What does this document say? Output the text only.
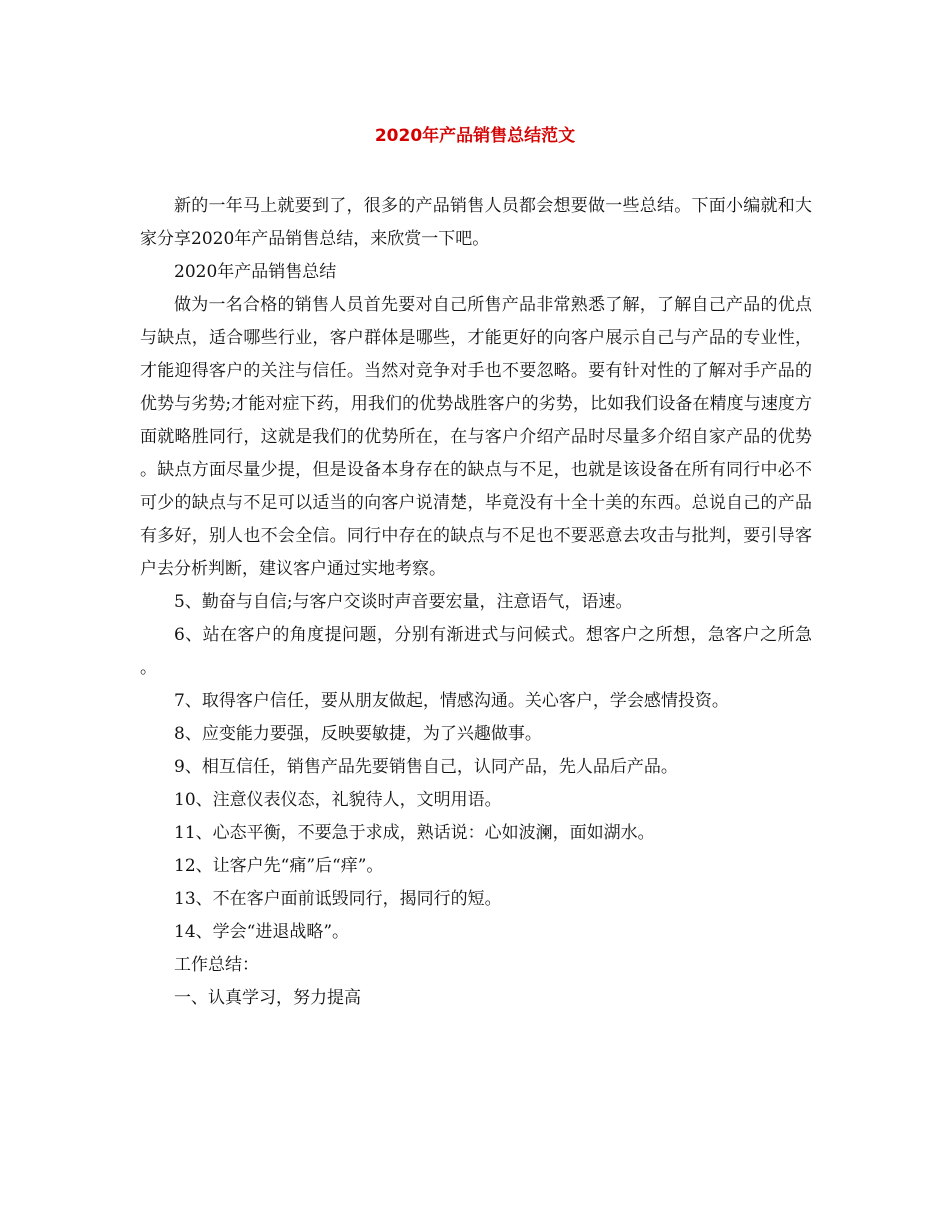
2020年产品销售总结范文

新的一年马上就要到了，很多的产品销售人员都会想要做一些总结。下面小编就和大家分享2020年产品销售总结，来欣赏一下吧。

2020年产品销售总结

做为一名合格的销售人员首先要对自己所售产品非常熟悉了解，了解自己产品的优点与缺点，适合哪些行业，客户群体是哪些，才能更好的向客户展示自己与产品的专业性，才能迎得客户的关注与信任。当然对竞争对手也不要忽略。要有针对性的了解对手产品的优势与劣势;才能对症下药，用我们的优势战胜客户的劣势，比如我们设备在精度与速度方面就略胜同行，这就是我们的优势所在，在与客户介绍产品时尽量多介绍自家产品的优势。缺点方面尽量少提，但是设备本身存在的缺点与不足，也就是该设备在所有同行中必不可少的缺点与不足可以适当的向客户说清楚，毕竟没有十全十美的东西。总说自己的产品有多好，别人也不会全信。同行中存在的缺点与不足也不要恶意去攻击与批判，要引导客户去分析判断，建议客户通过实地考察。

5、勤奋与自信;与客户交谈时声音要宏量，注意语气，语速。

6、站在客户的角度提问题，分别有渐进式与问候式。想客户之所想，急客户之所急。

7、取得客户信任，要从朋友做起，情感沟通。关心客户，学会感情投资。

8、应变能力要强，反映要敏捷，为了兴趣做事。

9、相互信任，销售产品先要销售自己，认同产品，先人品后产品。

10、注意仪表仪态，礼貌待人，文明用语。

11、心态平衡，不要急于求成，熟话说：心如波澜，面如湖水。

12、让客户先“痛”后“痒”。

13、不在客户面前诋毁同行，揭同行的短。

14、学会“进退战略”。

工作总结：

一、认真学习，努力提高
